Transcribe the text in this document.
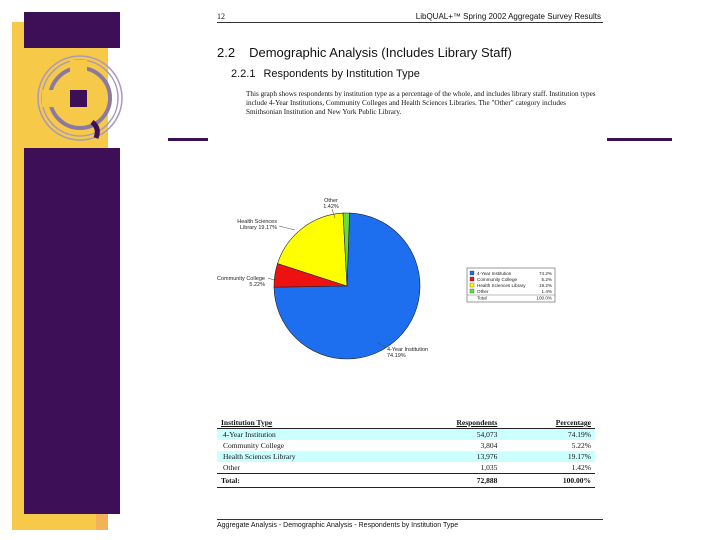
12	LibQUAL+™ Spring 2002 Aggregate Survey Results
2.2 Demographic Analysis (Includes Library Staff)
2.2.1 Respondents by Institution Type
This graph shows respondents by institution type as a percentage of the whole, and includes library staff. Institution types include 4-Year Institutions, Community Colleges and Health Sciences Libraries. The "Other" category includes Smithsonian Institution and New York Public Library.
4-Year Institution
74.19%
Community College
5.22%
Health Sciences
Library 19.17%
Other
1.42%
4-Year Institution	74.2%
Community College	5.2%
Health Sciences Library	19.2%
Other	1.4%
Total	100.0%
Institution Type	Respondents	Percentage
4-Year Institution	54,073	74.19%
Community College	3,804	5.22%
Health Sciences Library	13,976	19.17%
Other	1,035	1.42%
Total:	72,888	100.00%
Aggregate Analysis - Demographic Analysis - Respondents by Institution Type
